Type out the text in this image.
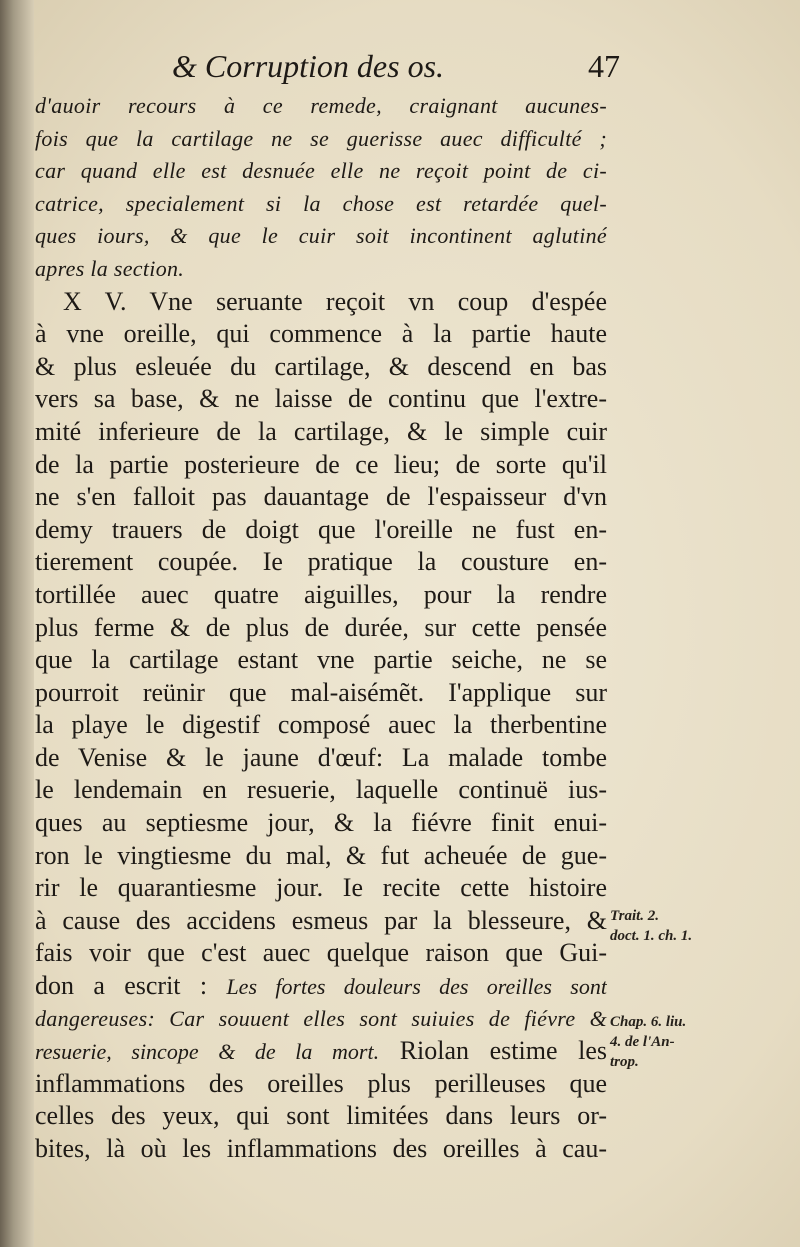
& Corruption des os.	47
d'auoir recours à ce remede, craignant aucunes-
fois que la cartilage ne se guerisse auec difficulté ;
car quand elle est desnuée elle ne reçoit point de ci-
catrice, specialement si la chose est retardée quel-
ques iours, & que le cuir soit incontinent aglutiné
apres la section.
X V. Vne seruante reçoit vn coup d'espée
à vne oreille, qui commence à la partie haute
& plus esleuée du cartilage, & descend en bas
vers sa base, & ne laisse de continu que l'extre-
mité inferieure de la cartilage, & le simple cuir
de la partie posterieure de ce lieu; de sorte qu'il
ne s'en falloit pas dauantage de l'espaisseur d'vn
demy trauers de doigt que l'oreille ne fust en-
tierement coupée. Ie pratique la cousture en-
tortillée auec quatre aiguilles, pour la rendre
plus ferme & de plus de durée, sur cette pensée
que la cartilage estant vne partie seiche, ne se
pourroit reünir que mal-aisémẽt. I'applique sur
la playe le digestif composé auec la therbentine
de Venise & le jaune d'œuf: La malade tombe
le lendemain en resuerie, laquelle continuë ius-
ques au septiesme jour, & la fiévre finit enui-
ron le vingtiesme du mal, & fut acheuée de gue-
rir le quarantiesme jour. Ie recite cette histoire
à cause des accidens esmeus par la blesseure, &
fais voir que c'est auec quelque raison que Gui-
don a escrit : Les fortes douleurs des oreilles sont
dangereuses: Car souuent elles sont suiuies de fiévre &
resuerie, sincope & de la mort. Riolan estime les
inflammations des oreilles plus perilleuses que
celles des yeux, qui sont limitées dans leurs or-
bites, là où les inflammations des oreilles à cau-
Trait. 2.
doct. 1. ch. 1.
Chap. 6. liu.
4. de l'An-
trop.
